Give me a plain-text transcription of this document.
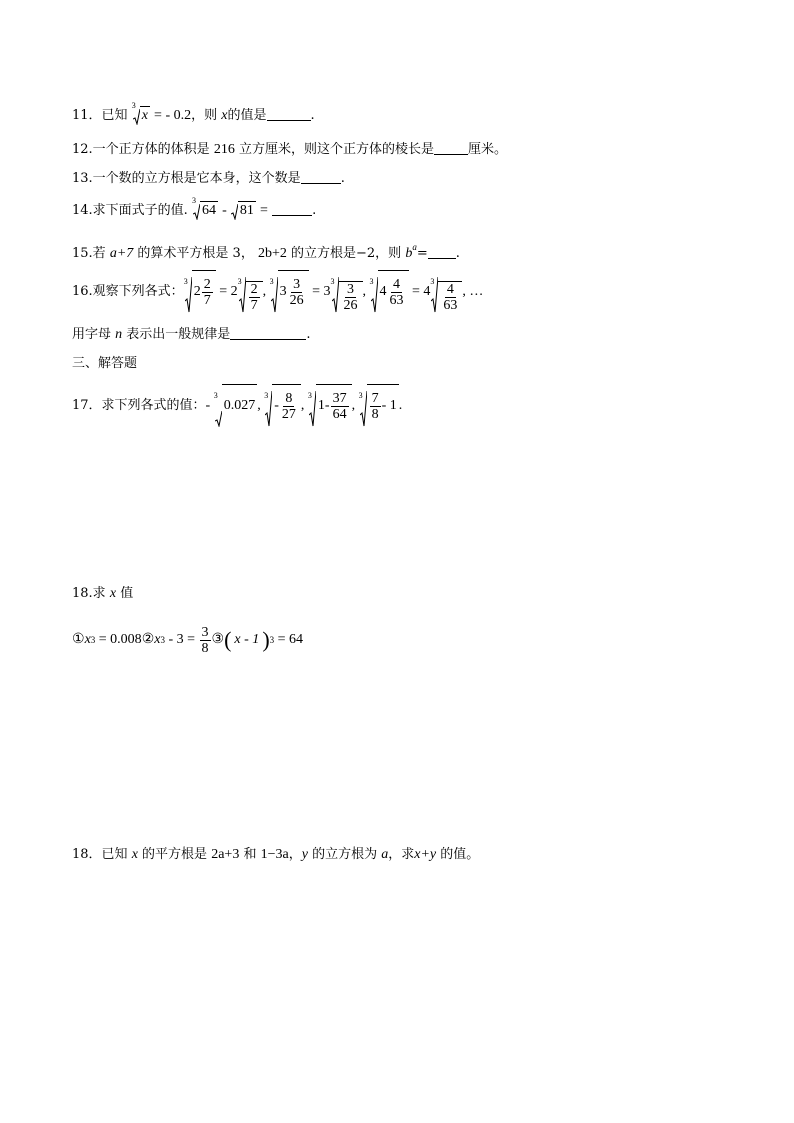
11．已知
3
x = - 0.2，则 x的值是	.
12.一个正方体的体积是 216 立方厘米，则这个正方体的棱长是	厘米。
13.一个数的立方根是它本身，这个数是	.
14.求下面式子的值.
3
64 - 81 =	.
15.若 a+7 的算术平方根是 3， 2b+2 的立方根是−2，则 $b^a=$ .
16.观察下列各式：
3
$2 \frac{2}{7} = 2$
3
$\frac{2}{7}$ ,
3
$3 \frac{3}{26} = 3$
3
$\frac{3}{26}$ ,
3
$4 \frac{4}{63} = 4$
3
$\frac{4}{63}$ , …
用字母 n 表示出一般规律是	.
三、解答题
17．求下列各式的值： -
3
0.027 ,
3
- $\frac{8}{27}$ ,
3
$1- \frac{37}{64}$ ,
$3 \frac{7}{8} - 1$ .
18.求 x 值
① x 3
= 0.008 ② x 3
- 3 =
$\frac{3}{8}$ ③ ( x - 1 ) 3
= 64
18．已知 x 的平方根是 2a+3 和 1−3a，y 的立方根为 a，求x+y 的值。
